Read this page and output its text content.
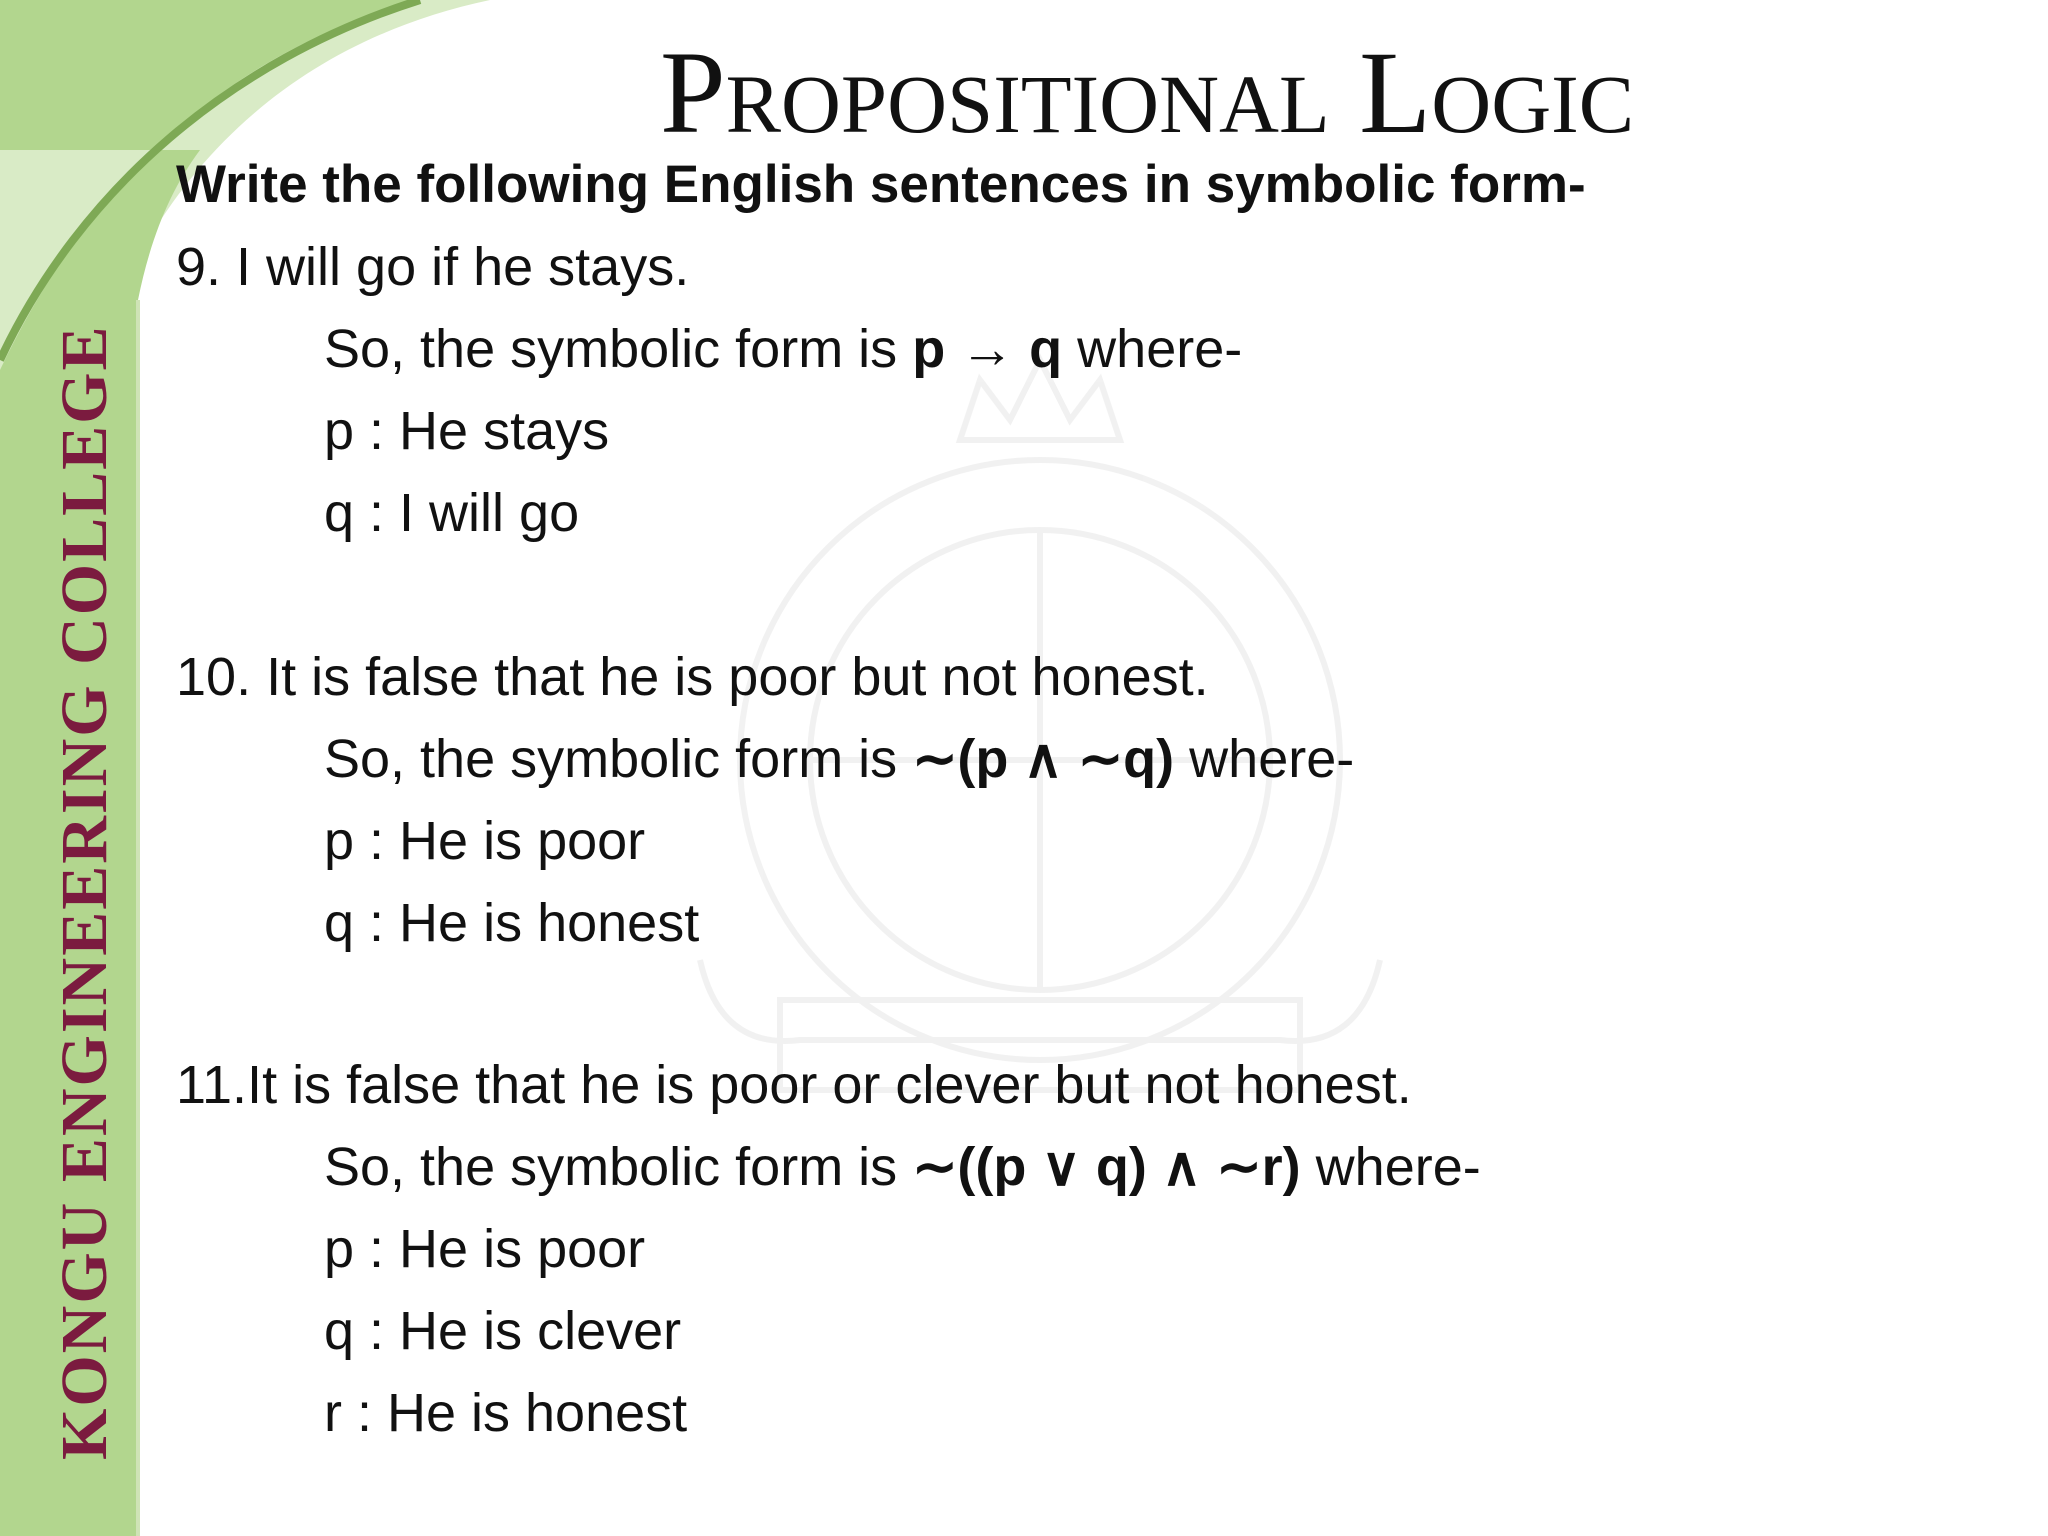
KONGU ENGINEERING COLLEGE
Propositional Logic
Write the following English sentences in symbolic form-
9. I will go if he stays.
So, the symbolic form is p → q where-
p : He stays
q : I will go
10. It is false that he is poor but not honest.
So, the symbolic form is ∼(p ∧ ∼q) where-
p : He is poor
q : He is honest
11.It is false that he is poor or clever but not honest.
So, the symbolic form is ∼((p ∨ q) ∧ ∼r) where-
p : He is poor
q : He is clever
r : He is honest
